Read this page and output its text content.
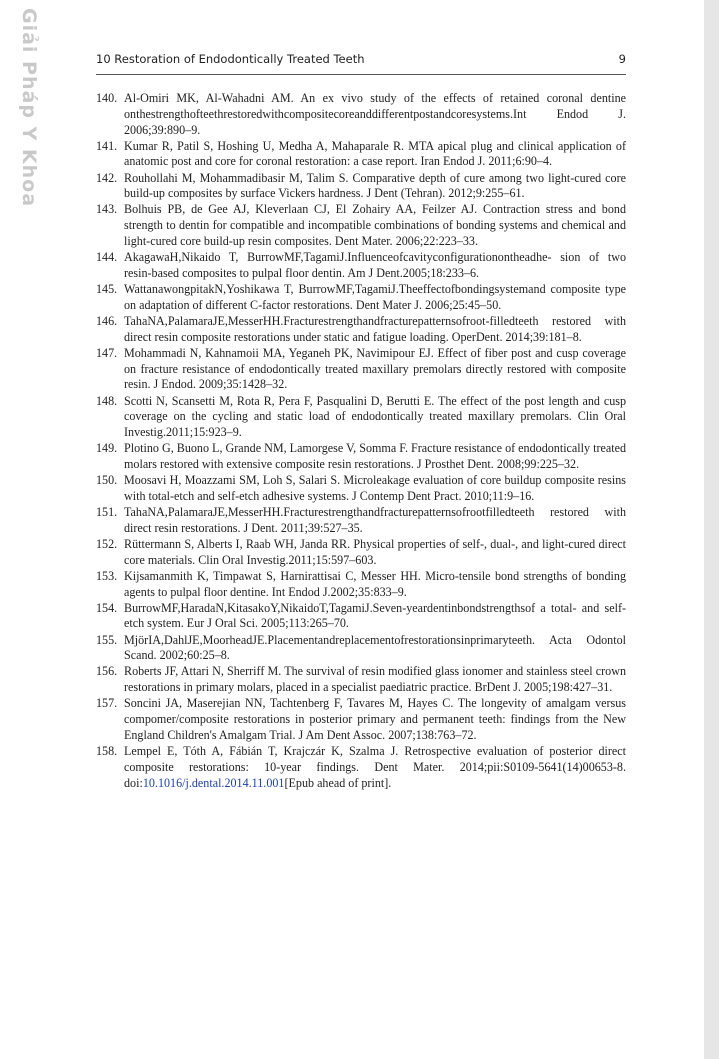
Giải Pháp Y Khoa	10 Restoration of Endodontically Treated Teeth	9
140. Al-Omiri MK, Al-Wahadni AM. An ex vivo study of the effects of retained coronal dentine onthestrengthofteethrestoredwithcompositecoreanddifferentpostandcoresystems.Int Endod J. 2006;39:890–9.
141. Kumar R, Patil S, Hoshing U, Medha A, Mahaparale R. MTA apical plug and clinical application of anatomic post and core for coronal restoration: a case report. Iran Endod J. 2011;6:90–4.
142. Rouhollahi M, Mohammadibasir M, Talim S. Comparative depth of cure among two light-cured core build-up composites by surface Vickers hardness. J Dent (Tehran). 2012;9:255–61.
143. Bolhuis PB, de Gee AJ, Kleverlaan CJ, El Zohairy AA, Feilzer AJ. Contraction stress and bond strength to dentin for compatible and incompatible combinations of bonding systems and chemical and light-cured core build-up resin composites. Dent Mater. 2006;22:223–33.
144. AkagawaH,Nikaido T, BurrowMF,TagamiJ.Influenceofcavityconfigurationontheadhe- sion of two resin-based composites to pulpal floor dentin. Am J Dent.2005;18:233–6.
145. WattanawongpitakN,Yoshikawa T, BurrowMF,TagamiJ.Theeffectofbondingsystemand composite type on adaptation of different C-factor restorations. Dent Mater J. 2006;25:45–50.
146. TahaNA,PalamaraJE,MesserHH.Fracturestrengthandfracturepatternsofroot-filledteeth restored with direct resin composite restorations under static and fatigue loading. OperDent. 2014;39:181–8.
147. Mohammadi N, Kahnamoii MA, Yeganeh PK, Navimipour EJ. Effect of fiber post and cusp coverage on fracture resistance of endodontically treated maxillary premolars directly restored with composite resin. J Endod. 2009;35:1428–32.
148. Scotti N, Scansetti M, Rota R, Pera F, Pasqualini D, Berutti E. The effect of the post length and cusp coverage on the cycling and static load of endodontically treated maxillary premolars. Clin Oral Investig.2011;15:923–9.
149. Plotino G, Buono L, Grande NM, Lamorgese V, Somma F. Fracture resistance of endodontically treated molars restored with extensive composite resin restorations. J Prosthet Dent. 2008;99:225–32.
150. Moosavi H, Moazzami SM, Loh S, Salari S. Microleakage evaluation of core buildup composite resins with total-etch and self-etch adhesive systems. J Contemp Dent Pract. 2010;11:9–16.
151. TahaNA,PalamaraJE,MesserHH.Fracturestrengthandfracturepatternsofrootfilledteeth restored with direct resin restorations. J Dent. 2011;39:527–35.
152. Rüttermann S, Alberts I, Raab WH, Janda RR. Physical properties of self-, dual-, and light-cured direct core materials. Clin Oral Investig.2011;15:597–603.
153. Kijsamanmith K, Timpawat S, Harnirattisai C, Messer HH. Micro-tensile bond strengths of bonding agents to pulpal floor dentine. Int Endod J.2002;35:833–9.
154. BurrowMF,HaradaN,KitasakoY,NikaidoT,TagamiJ.Seven-yeardentinbondstrengthsof a total- and self-etch system. Eur J Oral Sci. 2005;113:265–70.
155. MjörIA,DahlJE,MoorheadJE.Placementandreplacementofrestorationsinprimaryteeth. Acta Odontol Scand. 2002;60:25–8.
156. Roberts JF, Attari N, Sherriff M. The survival of resin modified glass ionomer and stainless steel crown restorations in primary molars, placed in a specialist paediatric practice. BrDent J. 2005;198:427–31.
157. Soncini JA, Maserejian NN, Tachtenberg F, Tavares M, Hayes C. The longevity of amalgam versus compomer/composite restorations in posterior primary and permanent teeth: findings from the New England Children's Amalgam Trial. J Am Dent Assoc. 2007;138:763–72.
158. Lempel E, Tóth A, Fábián T, Krajczár K, Szalma J. Retrospective evaluation of posterior direct composite restorations: 10-year findings. Dent Mater. 2014;pii:S0109-5641(14)00653-8. doi:10.1016/j.dental.2014.11.001[Epub ahead of print].
